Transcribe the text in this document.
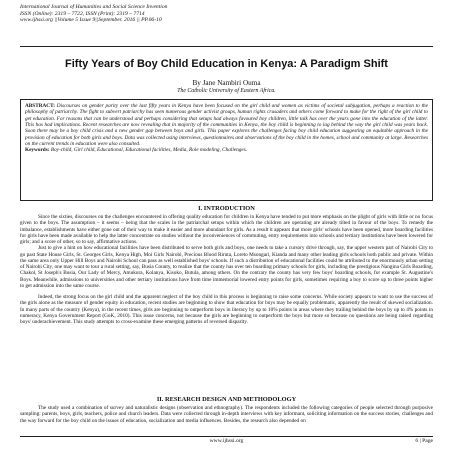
International Journal of Humanities and Social Science Invention
ISSN (Online): 2319 – 7722, ISSN (Print): 2319 – 7714
www.ijhssi.org ||Volume 5 Issue 9||September. 2016 || PP.06-10
Fifty Years of Boy Child Education in Kenya: A Paradigm Shift
By Jane Nambiri Ouma
The Catholic University of Eastern Africa.
ABSTRACT: Discourses on gender parity over the last fifty years in Kenya have been focused on the girl child and women as victims of societal subjugation, perhaps a reaction to the philosophy of patriarchy. The fight to subvert patriarchy has seen numerous gender activist groups, human rights crusaders and others come forward to make for the right of the girl child to get education. For reasons that can be understood and perhaps considering that setups had always favoured boy children, little talk has over the years gone into the education of the latter. This has had implications. Recent researches are now revealing that in majority of the communities in Kenya, the boy child is beginning to lag behind the way the girl child was years back. Soon there may be a boy child crisis and a new gender gap between boys and girls. This paper explores the challenges facing boy child education suggesting an equitable approach in the provision of education for both girls and boys. Data was collected using interviews, questionnaires and observations of the boy child in the homes, school and community at large. Researches on the current trends in education were also consulted.
Keywords: Boy-child, Girl child, Educational, Educational facilities, Media, Role modeling, Challenges.
I. INTRODUCTION

Since the sixties, discourses on the challenges encountered in offering quality education for children in Kenya have tended to put more emphasis on the plight of girls with little or no focus given to the boys. The assumption – it seems – being that the scales in the patriarchal setups within which the children are operating are already tilted in favour of the boys. To remedy the imbalance, establishments have either gone out of their way to make it easier and more abundant for girls. As a result it appears that more girls' schools have been opened, more boarding facilities for girls have been made available to help the latter concentrate on studies without the inconveniences of commuting, entry requirements into schools and tertiary institutions have been lowered for girls; and a score of other, so to say, affirmative actions.

Just to give a hint on how educational facilities have been distributed to serve both girls and boys, one needs to take a cursory drive through, say, the upper western part of Nairobi City to go past State House Girls, St. Georges Girls, Kenya High, Moi Girls Nairobi, Precious Blood Riruta, Loreto Msongari, Kianda and many other leading girls schools both public and private. Within the same area only Upper Hill Boys and Nairobi School can pass as well established boys' schools. If such a distribution of educational facilities could be attributed to the enormously urban setting of Nairobi City, one may want to tour a rural setting, say, Busia County, to realize that the county has over ten boarding primary schools for girls, including the prestigious Nangina Girls Boarding, Chakol, St Joseph's Busia, Our Lady of Mercy, Amukura, Kolanya, Kisoko, Butula, among others. On the contrary the county has very few boys' boarding schools, for example St. Augustine's Boys. Meanwhile, admissions to universities and other tertiary institutions have from time immemorial lowered entry points for girls, sometimes requiring a boy to score up to three points higher to get admission into the same course.

Indeed, the strong focus on the girl child and the apparent neglect of the boy child in this process is beginning to raise some concerns. While society appears to want to use the success of the girls alone as the measure of gender equity in education, recent studies are beginning to show that education for boys may be equally problematic, apparently the result of skewed socialization. In many parts of the country (Kenya), in the recent times, girls are beginning to outperform boys in literacy by up to 10% points in areas where they trailing behind the boys by up to 4% points in numeracy, Kenya Government Report (GoK, 2010). This issue concerns, not because the girls are beginning to outperform the boys but more so because no questions are being raised regarding boys' underachievement. This study attempts to cross-examine these emerging patterns of reversed disparity.

II. RESEARCH DESIGN AND METHODOLOGY

The study used a combination of survey and naturalistic designs (observation and ethnography). The respondents included the following categories of people selected through purposive sampling: parents, boys, girls, teachers, police and church leaders. Data were collected through in-depth interviews with key informant, soliciting information on the success stories, challenges and the way forward for the boy child on the issues of education, socialization and media influences. Besides, the research also depended on

www.ijhssi.org	6 | Page
